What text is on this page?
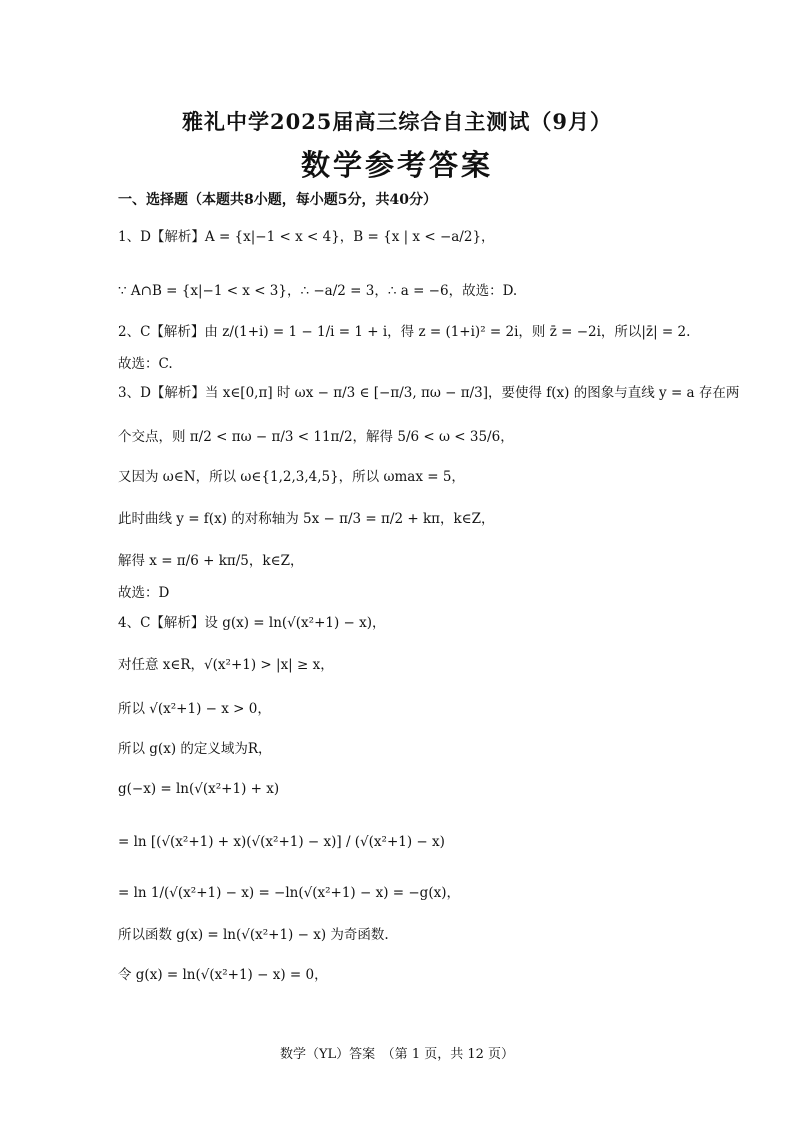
雅礼中学2025届高三综合自主测试（9月）
数学参考答案
一、选择题（本题共8小题，每小题5分，共40分）
1、D【解析】A = {x|−1 < x < 4}，B = {x | x < −a/2}，
∵ A∩B = {x|−1 < x < 3}，∴ −a/2 = 3，∴ a = −6，故选：D.
2、C【解析】由 z/(1+i) = 1 − 1/i = 1 + i，得 z = (1+i)² = 2i，则 z̄ = −2i，所以|z̄| = 2.
故选：C.
3、D【解析】当 x∈[0,π] 时 ωx − π/3 ∈ [−π/3, πω − π/3]，要使得 f(x) 的图象与直线 y = a 存在两
个交点，则 π/2 < πω − π/3 < 11π/2，解得 5/6 < ω < 35/6，
又因为 ω∈N，所以 ω∈{1,2,3,4,5}，所以 ωmax = 5，
此时曲线 y = f(x) 的对称轴为 5x − π/3 = π/2 + kπ，k∈Z，
解得 x = π/6 + kπ/5，k∈Z，
故选：D
4、C【解析】设 g(x) = ln(√(x²+1) − x)，
对任意 x∈R，√(x²+1) > |x| ≥ x，
所以 √(x²+1) − x > 0，
所以 g(x) 的定义域为R，
g(−x) = ln(√(x²+1) + x)
= ln [(√(x²+1) + x)(√(x²+1) − x)] / (√(x²+1) − x)
= ln 1/(√(x²+1) − x) = −ln(√(x²+1) − x) = −g(x)，
所以函数 g(x) = ln(√(x²+1) − x) 为奇函数.
令 g(x) = ln(√(x²+1) − x) = 0，
数学（YL）答案　（第 1 页，共 12 页）
